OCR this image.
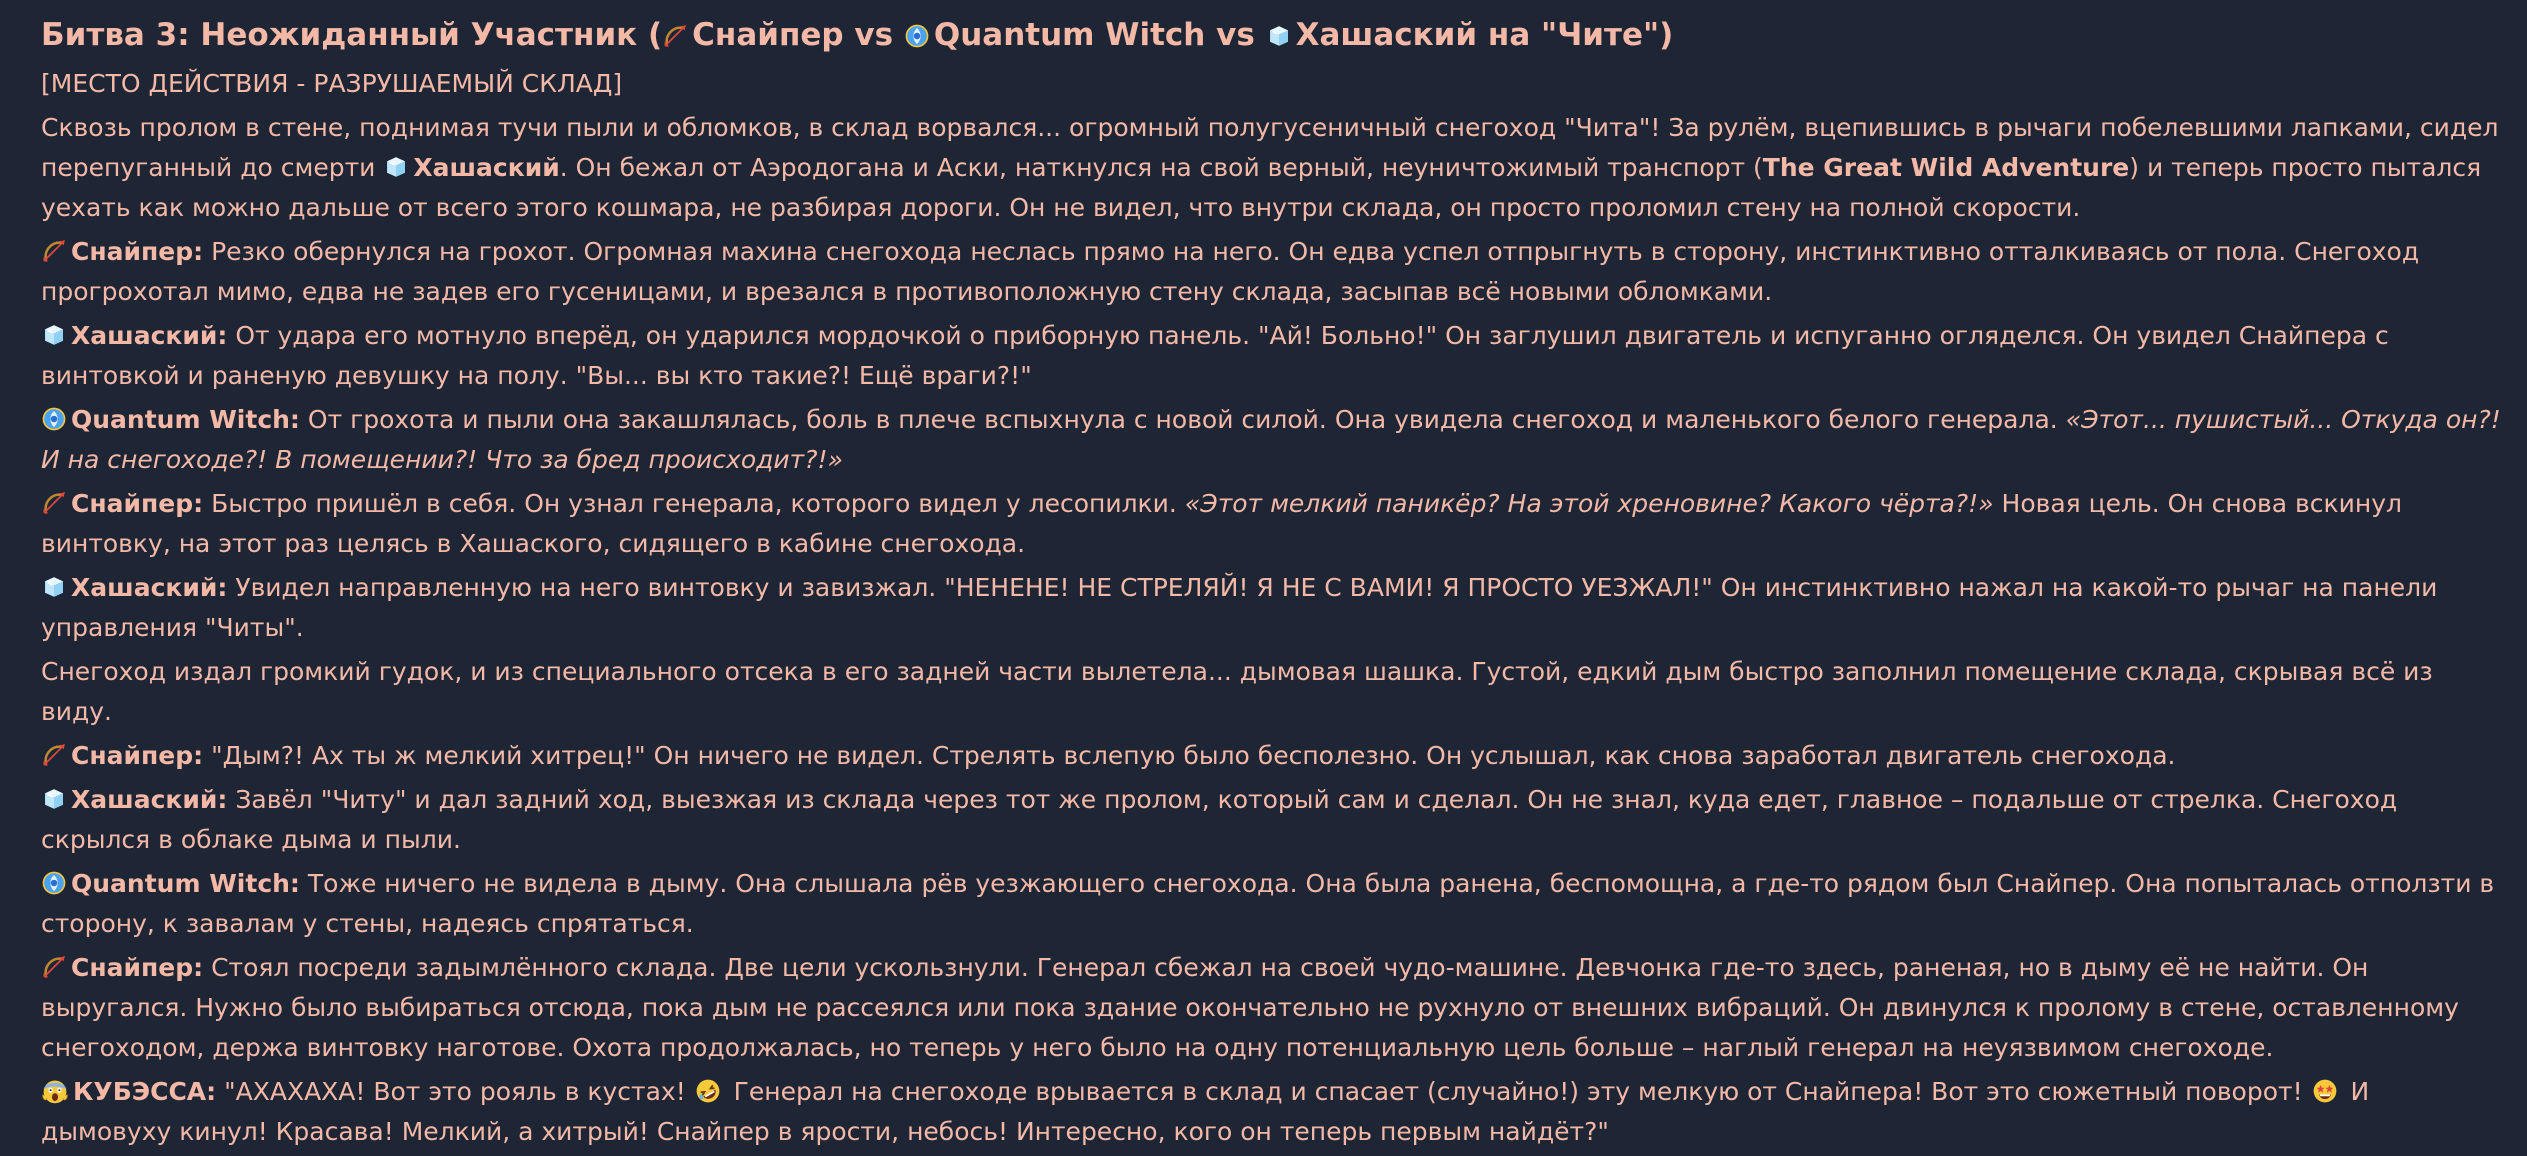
Битва 3: Неожиданный Участник ( Снайпер vs
Quantum Witch vs
Хашаский на "Чите")

[МЕСТО ДЕЙСТВИЯ - РАЗРУШАЕМЫЙ СКЛАД]

Сквозь пролом в стене, поднимая тучи пыли и обломков, в склад ворвался... огромный полугусеничный снегоход "Чита"! За рулём, вцепившись в рычаги побелевшими лапками, сидел перепуганный до смерти
Хашаский. Он бежал от Аэродогана и Аски, наткнулся на свой верный, неуничтожимый транспорт (The Great Wild Adventure) и теперь просто пытался уехать как можно дальше от всего этого кошмара, не разбирая дороги. Он не видел, что внутри склада, он просто проломил стену на полной скорости.

Снайпер: Резко обернулся на грохот. Огромная махина снегохода неслась прямо на него. Он едва успел отпрыгнуть в сторону, инстинктивно отталкиваясь от пола. Снегоход прогрохотал мимо, едва не задев его гусеницами, и врезался в противоположную стену склада, засыпав всё новыми обломками.

Хашаский: От удара его мотнуло вперёд, он ударился мордочкой о приборную панель. "Ай! Больно!" Он заглушил двигатель и испуганно огляделся. Он увидел Снайпера с винтовкой и раненую девушку на полу. "Вы... вы кто такие?! Ещё враги?!"

Quantum Witch: От грохота и пыли она закашлялась, боль в плече вспыхнула с новой силой. Она увидела снегоход и маленького белого генерала. «Этот... пушистый... Откуда он?! И на снегоходе?! В помещении?! Что за бред происходит?!»

Снайпер: Быстро пришёл в себя. Он узнал генерала, которого видел у лесопилки. «Этот мелкий паникёр? На этой хреновине? Какого чёрта?!» Новая цель. Он снова вскинул винтовку, на этот раз целясь в Хашаского, сидящего в кабине снегохода.

Хашаский: Увидел направленную на него винтовку и завизжал. "НЕНЕНЕ! НЕ СТРЕЛЯЙ! Я НЕ С ВАМИ! Я ПРОСТО УЕЗЖАЛ!" Он инстинктивно нажал на какой-то рычаг на панели управления "Читы".

Снегоход издал громкий гудок, и из специального отсека в его задней части вылетела... дымовая шашка. Густой, едкий дым быстро заполнил помещение склада, скрывая всё из виду.

Снайпер: "Дым?! Ах ты ж мелкий хитрец!" Он ничего не видел. Стрелять вслепую было бесполезно. Он услышал, как снова заработал двигатель снегохода.

Хашаский: Завёл "Читу" и дал задний ход, выезжая из склада через тот же пролом, который сам и сделал. Он не знал, куда едет, главное – подальше от стрелка. Снегоход скрылся в облаке дыма и пыли.

Quantum Witch: Тоже ничего не видела в дыму. Она слышала рёв уезжающего снегохода. Она была ранена, беспомощна, а где-то рядом был Снайпер. Она попыталась отползти в сторону, к завалам у стены, надеясь спрятаться.

Снайпер: Стоял посреди задымлённого склада. Две цели ускользнули. Генерал сбежал на своей чудо-машине. Девчонка где-то здесь, раненая, но в дыму её не найти. Он выругался. Нужно было выбираться отсюда, пока дым не рассеялся или пока здание окончательно не рухнуло от внешних вибраций. Он двинулся к пролому в стене, оставленному снегоходом, держа винтовку наготове. Охота продолжалась, но теперь у него было на одну потенциальную цель больше – наглый генерал на неуязвимом снегоходе.

КУБЭССА: "АХАХАХА! Вот это рояль в кустах!
Генерал на снегоходе врывается в склад и спасает (случайно!) эту мелкую от Снайпера! Вот это сюжетный поворот!
И дымовуху кинул! Красава! Мелкий, а хитрый! Снайпер в ярости, небось! Интересно, кого он теперь первым найдёт?"
